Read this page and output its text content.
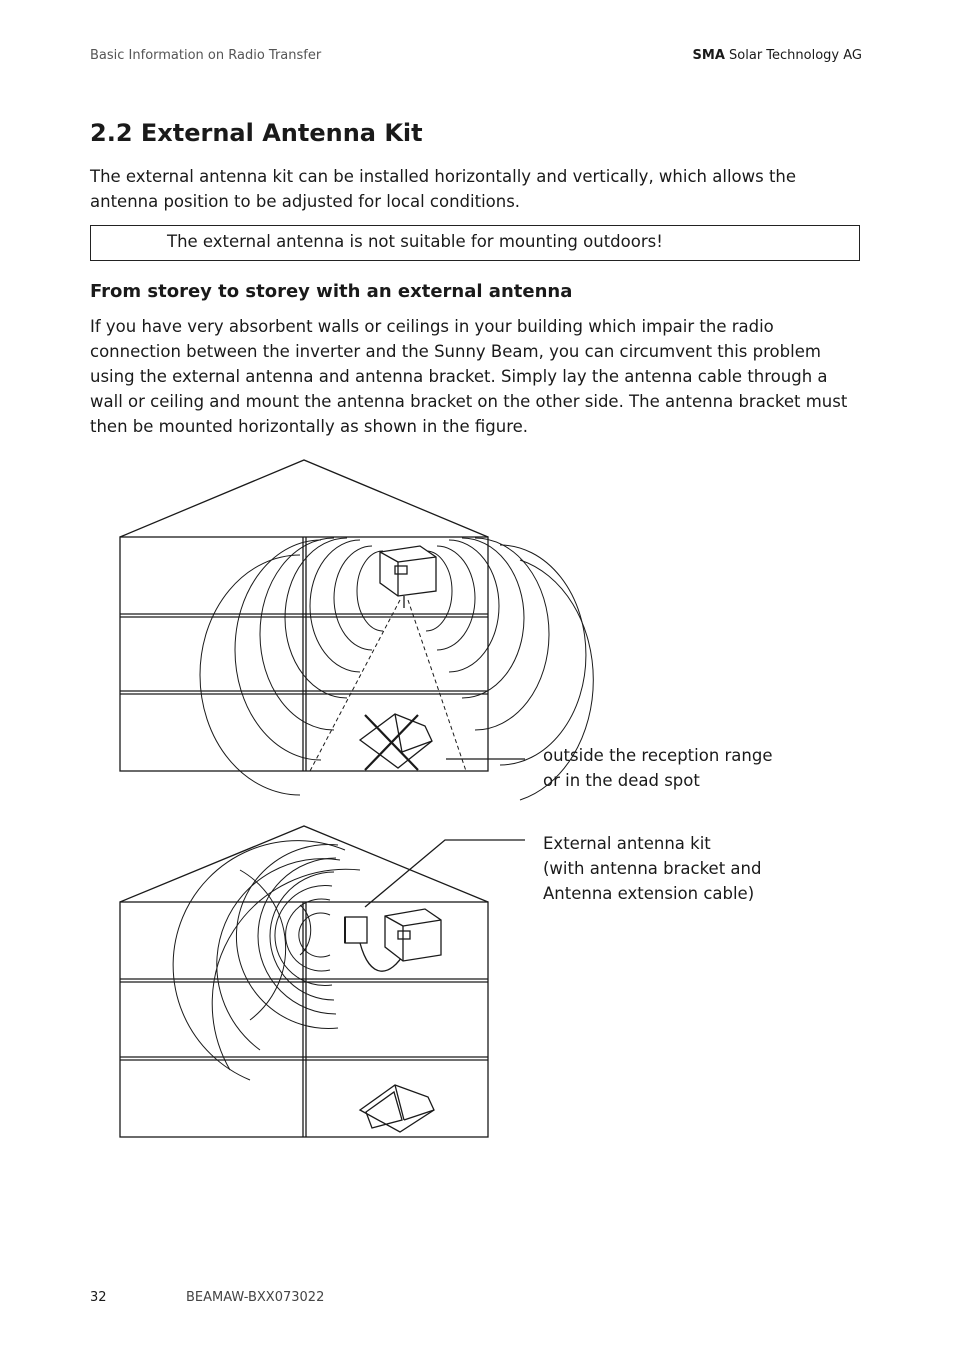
Basic Information on Radio Transfer	SMA Solar Technology AG
2.2 External Antenna Kit

The external antenna kit can be installed horizontally and vertically, which allows the antenna position to be adjusted for local conditions.

The external antenna is not suitable for mounting outdoors!
From storey to storey with an external antenna

If you have very absorbent walls or ceilings in your building which impair the radio connection between the inverter and the Sunny Beam, you can circumvent this problem using the external antenna and antenna bracket. Simply lay the antenna cable through a wall or ceiling and mount the antenna bracket on the other side. The antenna bracket must then be mounted horizontally as shown in the figure.

outside the reception range
or in the dead spot
External antenna kit
(with antenna bracket and
Antenna extension cable)
32	BEAMAW-BXX073022
